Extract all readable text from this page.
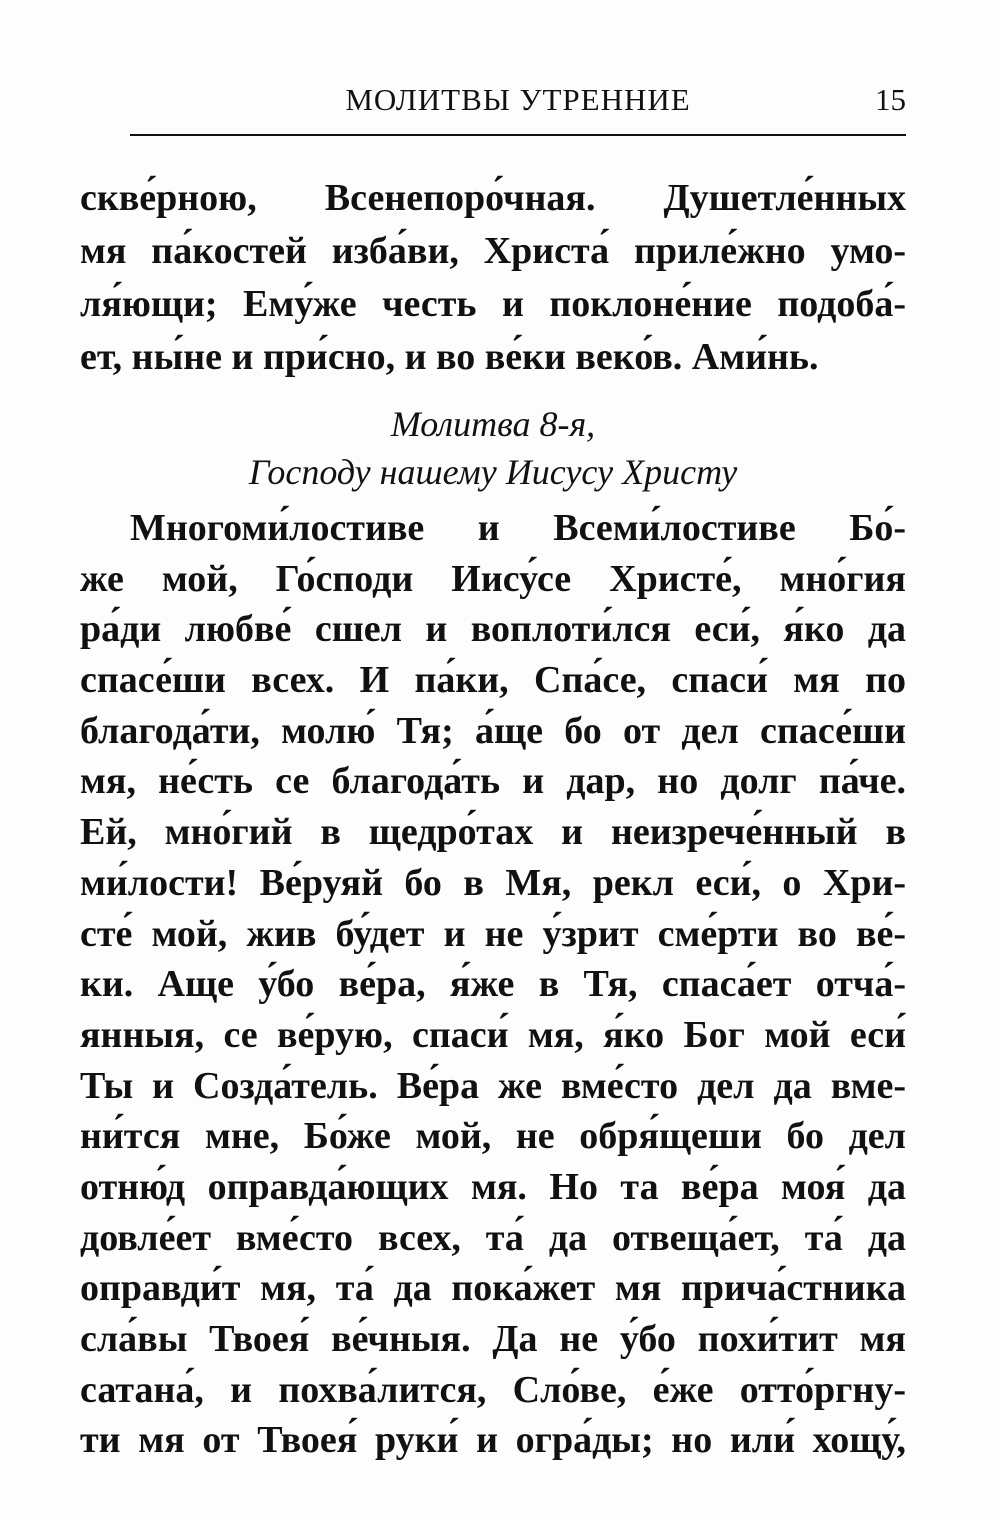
МОЛИТВЫ УТРЕННИЕ	15
скве́рною, Всенепоро́чная. Душетле́нных
мя па́костей изба́ви, Христа́ приле́жно умо-
ля́ющи; Ему́же честь и поклоне́ние подоба́-
ет, ны́не и при́сно, и во ве́ки веко́в. Ами́нь.
Молитва 8-я,
Господу нашему Иисусу Христу
Многоми́лостиве и Всеми́лостиве Бо́-
же мой, Го́споди Иису́се Христе́, мно́гия
ра́ди любве́ сшел и воплоти́лся еси́, я́ко да
спасе́ши всех. И па́ки, Спа́се, спаси́ мя по
благода́ти, молю́ Тя; а́ще бо от дел спасе́ши
мя, не́сть се благода́ть и дар, но долг па́че.
Ей, мно́гий в щедро́тах и неизрече́нный в
ми́лости! Ве́руяй бо в Мя, рекл еси́, о Хри-
сте́ мой, жив бу́дет и не у́зрит сме́рти во ве́-
ки. Аще у́бо ве́ра, я́же в Тя, спаса́ет отча́-
янныя, се ве́рую, спаси́ мя, я́ко Бог мой еси́
Ты и Созда́тель. Ве́ра же вме́сто дел да вме-
ни́тся мне, Бо́же мой, не обря́щеши бо дел
отню́д оправда́ющих мя. Но та ве́ра моя́ да
довле́ет вме́сто всех, та́ да отвеща́ет, та́ да
оправди́т мя, та́ да пока́жет мя прича́стника
сла́вы Твоея́ ве́чныя. Да не у́бо похи́тит мя
сатана́, и похва́лится, Сло́ве, е́же отто́ргну-
ти мя от Твоея́ руки́ и огра́ды; но или́ хощу́,
